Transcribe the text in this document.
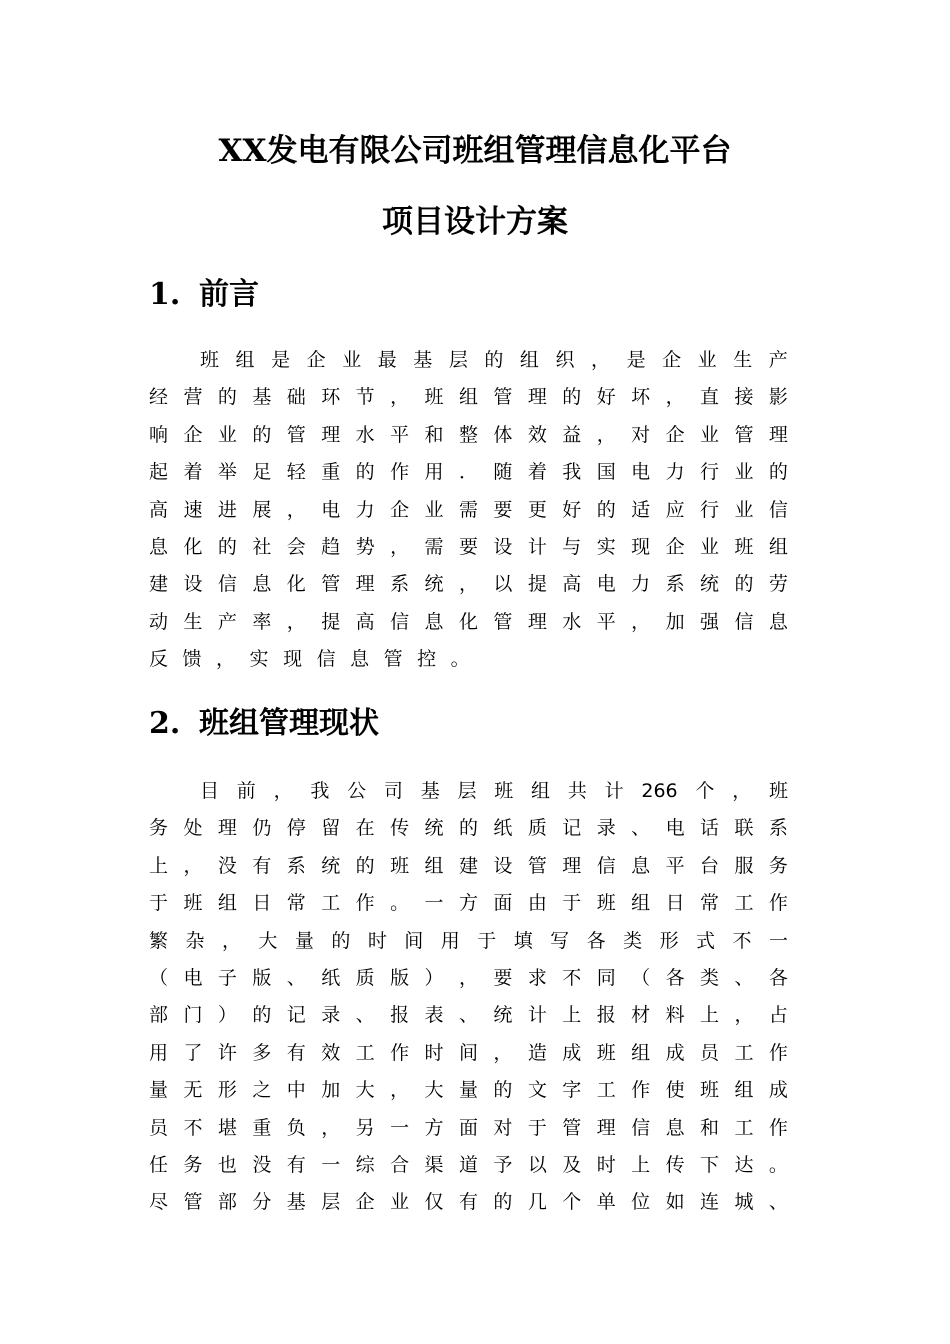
XX发电有限公司班组管理信息化平台
项目设计方案
1. 前言
班 组 是 企 业 最 基 层 的 组 织 ， 是 企 业 生 产
经 营 的 基 础 环 节 ， 班 组 管 理 的 好 坏 ， 直 接 影
响 企 业 的 管 理 水 平 和 整 体 效 益 ， 对 企 业 管 理
起 着 举 足 轻 重 的 作 用 ． 随 着 我 国 电 力 行 业 的
高 速 进 展 ， 电 力 企 业 需 要 更 好 的 适 应 行 业 信
息 化 的 社 会 趋 势 ， 需 要 设 计 与 实 现 企 业 班 组
建 设 信 息 化 管 理 系 统 ， 以 提 高 电 力 系 统 的 劳
动 生 产 率 ， 提 高 信 息 化 管 理 水 平 ， 加 强 信 息
反 馈 ， 实 现 信 息 管 控 。
2. 班组管理现状
目 前 ， 我 公 司 基 层 班 组 共 计 266 个 ， 班
务 处 理 仍 停 留 在 传 统 的 纸 质 记 录 、 电 话 联 系
上 ， 没 有 系 统 的 班 组 建 设 管 理 信 息 平 台 服 务
于 班 组 日 常 工 作 。 一 方 面 由 于 班 组 日 常 工 作
繁 杂 ， 大 量 的 时 间 用 于 填 写 各 类 形 式 不 一
（ 电 子 版 、 纸 质 版 ） ， 要 求 不 同 （ 各 类 、 各
部 门 ） 的 记 录 、 报 表 、 统 计 上 报 材 料 上 ， 占
用 了 许 多 有 效 工 作 时 间 ， 造 成 班 组 成 员 工 作
量 无 形 之 中 加 大 ， 大 量 的 文 字 工 作 使 班 组 成
员 不 堪 重 负 ， 另 一 方 面 对 于 管 理 信 息 和 工 作
任 务 也 没 有 一 综 合 渠 道 予 以 及 时 上 传 下 达 。
尽 管 部 分 基 层 企 业 仅 有 的 几 个 单 位 如 连 城 、
